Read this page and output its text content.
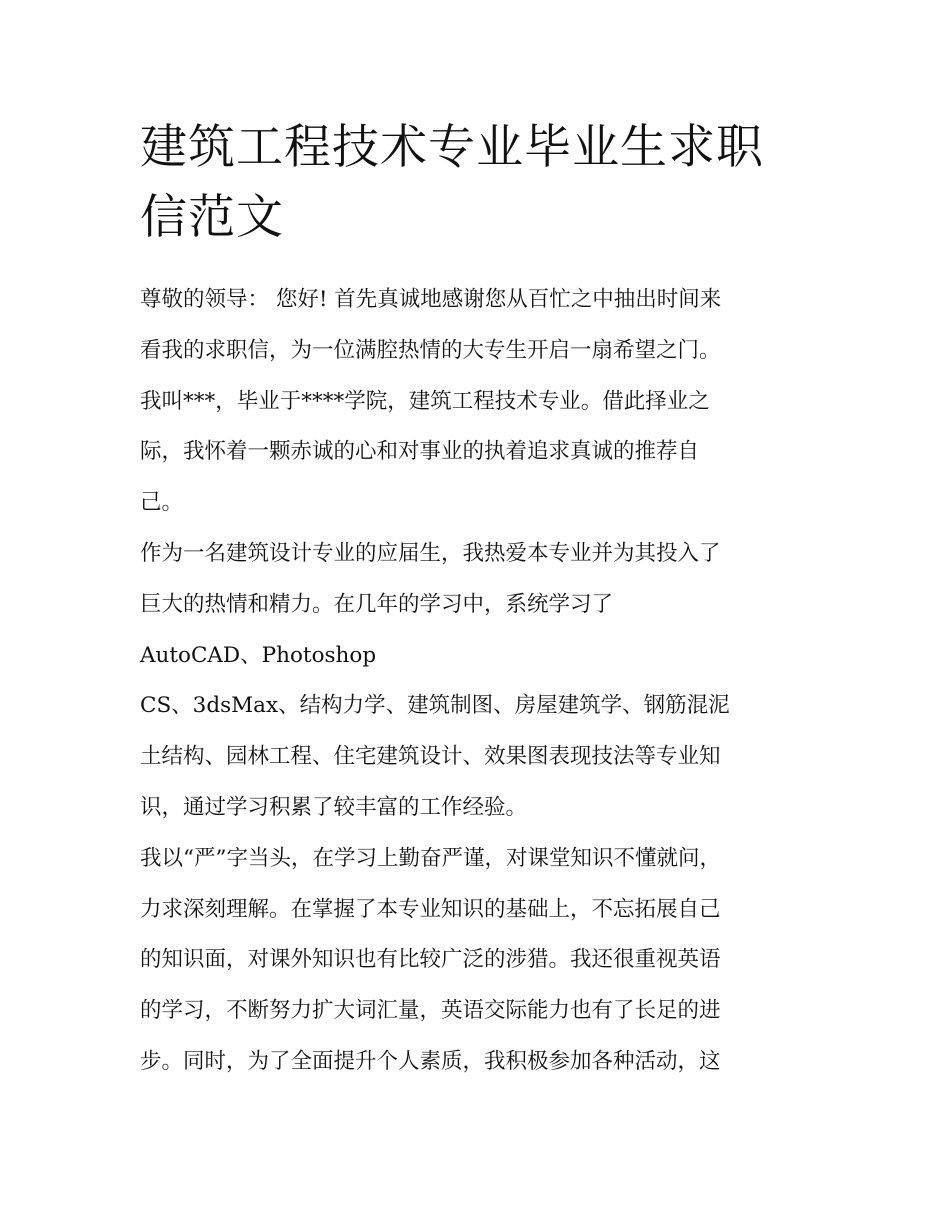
建筑工程技术专业毕业生求职
信范文
尊敬的领导： 您好! 首先真诚地感谢您从百忙之中抽出时间来
看我的求职信，为一位满腔热情的大专生开启一扇希望之门。
我叫***，毕业于****学院，建筑工程技术专业。借此择业之
际，我怀着一颗赤诚的心和对事业的执着追求真诚的推荐自
己。
作为一名建筑设计专业的应届生，我热爱本专业并为其投入了
巨大的热情和精力。在几年的学习中，系统学习了
AutoCAD、Photoshop
CS、3dsMax、结构力学、建筑制图、房屋建筑学、钢筋混泥
土结构、园林工程、住宅建筑设计、效果图表现技法等专业知
识，通过学习积累了较丰富的工作经验。
我以“严”字当头，在学习上勤奋严谨，对课堂知识不懂就问，
力求深刻理解。在掌握了本专业知识的基础上，不忘拓展自己
的知识面，对课外知识也有比较广泛的涉猎。我还很重视英语
的学习，不断努力扩大词汇量，英语交际能力也有了长足的进
步。同时，为了全面提升个人素质，我积极参加各种活动，这
